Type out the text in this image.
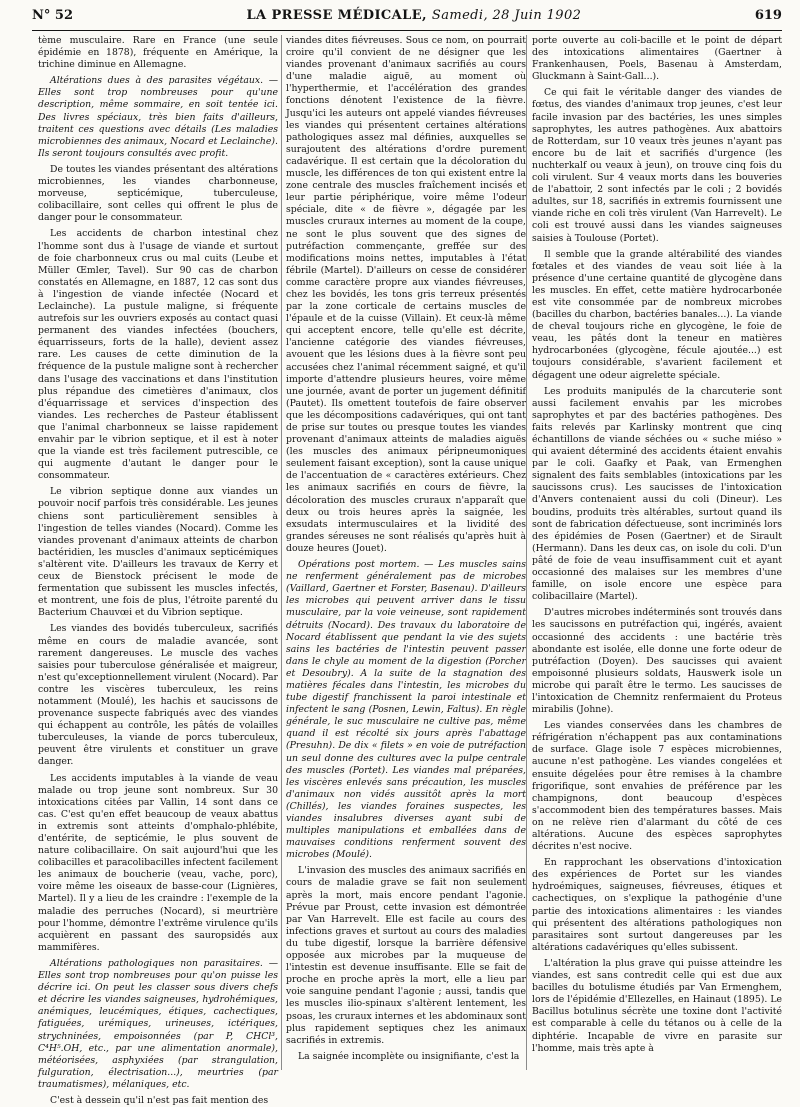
N° 52	LA PRESSE MÉDICALE, Samedi, 28 Juin 1902	619

tème musculaire. Rare en France (une seule épidémie en 1878), fréquente en Amérique, la trichine diminue en Allemagne.

Altérations dues à des parasites végétaux. — Elles sont trop nombreuses pour qu'une description, même sommaire, en soit tentée ici. Des livres spéciaux, très bien faits d'ailleurs, traitent ces questions avec détails (Les maladies microbiennes des animaux, Nocard et Leclainche). Ils seront toujours consultés avec profit.

De toutes les viandes présentant des altérations microbiennes, les viandes charbonneuse, morveuse, septicémique, tuberculeuse, colibacillaire, sont celles qui offrent le plus de danger pour le consommateur.

Les accidents de charbon intestinal chez l'homme sont dus à l'usage de viande et surtout de foie charbonneux crus ou mal cuits (Leube et Müller Œmler, Tavel). Sur 90 cas de charbon constatés en Allemagne, en 1887, 12 cas sont dus à l'ingestion de viande infectée (Nocard et Leclainche). La pustule maligne, si fréquente autrefois sur les ouvriers exposés au contact quasi permanent des viandes infectées (bouchers, équarrisseurs, forts de la halle), devient assez rare. Les causes de cette diminution de la fréquence de la pustule maligne sont à rechercher dans l'usage des vaccinations et dans l'institution plus répandue des cimetières d'animaux, clos d'équarrissage et services d'inspection des viandes. Les recherches de Pasteur établissent que l'animal charbonneux se laisse rapidement envahir par le vibrion septique, et il est à noter que la viande est très facilement putrescible, ce qui augmente d'autant le danger pour le consommateur.

Le vibrion septique donne aux viandes un pouvoir nocif parfois très considérable. Les jeunes chiens sont particulièrement sensibles à l'ingestion de telles viandes (Nocard). Comme les viandes provenant d'animaux atteints de charbon bactéridien, les muscles d'animaux septicémiques s'altèrent vite. D'ailleurs les travaux de Kerry et ceux de Bienstock précisent le mode de fermentation que subissent les muscles infectés, et montrent, une fois de plus, l'étroite parenté du Bacterium Chauvœi et du Vibrion septique.

Les viandes des bovidés tuberculeux, sacrifiés même en cours de maladie avancée, sont rarement dangereuses. Le muscle des vaches saisies pour tuberculose généralisée et maigreur, n'est qu'exceptionnellement virulent (Nocard). Par contre les viscères tuberculeux, les reins notamment (Moulé), les hachis et saucissons de provenance suspecte fabriqués avec des viandes qui échappent au contrôle, les pâtés de volailles tuberculeuses, la viande de porcs tuberculeux, peuvent être virulents et constituer un grave danger.

Les accidents imputables à la viande de veau malade ou trop jeune sont nombreux. Sur 30 intoxications citées par Vallin, 14 sont dans ce cas. C'est qu'en effet beaucoup de veaux abattus in extremis sont atteints d'omphalo-phlébite, d'entérite, de septicémie, le plus souvent de nature colibacillaire. On sait aujourd'hui que les colibacilles et paracolibacilles infectent facilement les animaux de boucherie (veau, vache, porc), voire même les oiseaux de basse-cour (Lignières, Martel). Il y a lieu de les craindre : l'exemple de la maladie des perruches (Nocard), si meurtrière pour l'homme, démontre l'extrême virulence qu'ils acquièrent en passant des sauropsidés aux mammifères.

Altérations pathologiques non parasitaires. — Elles sont trop nombreuses pour qu'on puisse les décrire ici. On peut les classer sous divers chefs et décrire les viandes saigneuses, hydrohémiques, anémiques, leucémiques, étiques, cachectiques, fatiguées, urémiques, urineuses, ictériques, strychninées, empoisonnées (par P, CHCl³, C⁴H⁵.OH, etc., par une alimentation anormale), météorisées, asphyxiées (par strangulation, fulguration, électrisation...), meurtries (par traumatismes), mélaniques, etc.

C'est à dessein qu'il n'est pas fait mention des

viandes dites fiévreuses. Sous ce nom, on pourrait croire qu'il convient de ne désigner que les viandes provenant d'animaux sacrifiés au cours d'une maladie aiguë, au moment où l'hyperthermie, et l'accélération des grandes fonctions dénotent l'existence de la fièvre. Jusqu'ici les auteurs ont appelé viandes fiévreuses les viandes qui présentent certaines altérations pathologiques assez mal définies, auxquelles se surajoutent des altérations d'ordre purement cadavérique. Il est certain que la décoloration du muscle, les différences de ton qui existent entre la zone centrale des muscles fraîchement incisés et leur partie périphérique, voire même l'odeur spéciale, dite « de fièvre », dégagée par les muscles cruraux internes au moment de la coupe, ne sont le plus souvent que des signes de putréfaction commençante, greffée sur des modifications moins nettes, imputables à l'état fébrile (Martel). D'ailleurs on cesse de considérer comme caractère propre aux viandes fiévreuses, chez les bovidés, les tons gris terreux présentés par la zone corticale de certains muscles de l'épaule et de la cuisse (Villain). Et ceux-là même qui acceptent encore, telle qu'elle est décrite, l'ancienne catégorie des viandes fiévreuses, avouent que les lésions dues à la fièvre sont peu accusées chez l'animal récemment saigné, et qu'il importe d'attendre plusieurs heures, voire même une journée, avant de porter un jugement définitif (Pautet). Ils omettent toutefois de faire observer que les décompositions cadavériques, qui ont tant de prise sur toutes ou presque toutes les viandes provenant d'animaux atteints de maladies aiguës (les muscles des animaux péripneumoniques seulement faisant exception), sont la cause unique de l'accentuation de « caractères extérieurs. Chez les animaux sacrifiés en cours de fièvre, la décoloration des muscles cruraux n'apparaît que deux ou trois heures après la saignée, les exsudats intermusculaires et la lividité des grandes séreuses ne sont réalisés qu'après huit à douze heures (Jouet).

Opérations post mortem. — Les muscles sains ne renferment généralement pas de microbes (Vaillard, Gaertner et Forster, Basenau). D'ailleurs les microbes qui peuvent arriver dans le tissu musculaire, par la voie veineuse, sont rapidement détruits (Nocard). Des travaux du laboratoire de Nocard établissent que pendant la vie des sujets sains les bactéries de l'intestin peuvent passer dans le chyle au moment de la digestion (Porcher et Desoubry). A la suite de la stagnation des matières fécales dans l'intestin, les microbes du tube digestif franchissent la paroi intestinale et infectent le sang (Posnen, Lewin, Faltus). En règle générale, le suc musculaire ne cultive pas, même quand il est récolté six jours après l'abattage (Presuhn). De dix « filets » en voie de putréfaction un seul donne des cultures avec la pulpe centrale des muscles (Portet). Les viandes mal préparées, les viscères enlevés sans précaution, les muscles d'animaux non vidés aussitôt après la mort (Chillés), les viandes foraines suspectes, les viandes insalubres diverses ayant subi de multiples manipulations et emballées dans de mauvaises conditions renferment souvent des microbes (Moulé).

L'invasion des muscles des animaux sacrifiés en cours de maladie grave se fait non seulement après la mort, mais encore pendant l'agonie. Prévue par Proust, cette invasion est démontrée par Van Harrevelt. Elle est facile au cours des infections graves et surtout au cours des maladies du tube digestif, lorsque la barrière défensive opposée aux microbes par la muqueuse de l'intestin est devenue insuffisante. Elle se fait de proche en proche après la mort, elle a lieu par voie sanguine pendant l'agonie ; aussi, tandis que les muscles ilio-spinaux s'altèrent lentement, les psoas, les cruraux internes et les abdominaux sont plus rapidement septiques chez les animaux sacrifiés in extremis.

La saignée incomplète ou insignifiante, c'est la

porte ouverte au coli-bacille et le point de départ des intoxications alimentaires (Gaertner à Frankenhausen, Poels, Basenau à Amsterdam, Gluckmann à Saint-Gall...).

Ce qui fait le véritable danger des viandes de fœtus, des viandes d'animaux trop jeunes, c'est leur facile invasion par des bactéries, les unes simples saprophytes, les autres pathogènes. Aux abattoirs de Rotterdam, sur 10 veaux très jeunes n'ayant pas encore bu de lait et sacrifiés d'urgence (les nuchterkalf ou veaux à jeun), on trouve cinq fois du coli virulent. Sur 4 veaux morts dans les bouveries de l'abattoir, 2 sont infectés par le coli ; 2 bovidés adultes, sur 18, sacrifiés in extremis fournissent une viande riche en coli très virulent (Van Harrevelt). Le coli est trouvé aussi dans les viandes saigneuses saisies à Toulouse (Portet).

Il semble que la grande altérabilité des viandes fœtales et des viandes de veau soit liée à la présence d'une certaine quantité de glycogène dans les muscles. En effet, cette matière hydrocarbonée est vite consommée par de nombreux microbes (bacilles du charbon, bactéries banales...). La viande de cheval toujours riche en glycogène, le foie de veau, les pâtés dont la teneur en matières hydrocarbonées (glycogène, fécule ajoutée...) est toujours considérable, s'avarient facilement et dégagent une odeur aigrelette spéciale.

Les produits manipulés de la charcuterie sont aussi facilement envahis par les microbes saprophytes et par des bactéries pathogènes. Des faits relevés par Karlinsky montrent que cinq échantillons de viande séchées ou « suche miéso » qui avaient déterminé des accidents étaient envahis par le coli. Gaafky et Paak, van Ermenghen signalent des faits semblables (intoxications par les saucissons crus). Les saucisses de l'intoxication d'Anvers contenaient aussi du coli (Dineur). Les boudins, produits très altérables, surtout quand ils sont de fabrication défectueuse, sont incriminés lors des épidémies de Posen (Gaertner) et de Sirault (Hermann). Dans les deux cas, on isole du coli. D'un pâté de foie de veau insuffisamment cuit et ayant occasionné des malaises sur les membres d'une famille, on isole encore une espèce para colibacillaire (Martel).

D'autres microbes indéterminés sont trouvés dans les saucissons en putréfaction qui, ingérés, avaient occasionné des accidents : une bactérie très abondante est isolée, elle donne une forte odeur de putréfaction (Doyen). Des saucisses qui avaient empoisonné plusieurs soldats, Hauswerk isole un microbe qui paraît être le termo. Les saucisses de l'intoxication de Chemnitz renfermaient du Proteus mirabilis (Johne).

Les viandes conservées dans les chambres de réfrigération n'échappent pas aux contaminations de surface. Glage isole 7 espèces microbiennes, aucune n'est pathogène. Les viandes congelées et ensuite dégelées pour être remises à la chambre frigorifique, sont envahies de préférence par les champignons, dont beaucoup d'espèces s'accommodent bien des températures basses. Mais on ne relève rien d'alarmant du côté de ces altérations. Aucune des espèces saprophytes décrites n'est nocive.

En rapprochant les observations d'intoxication des expériences de Portet sur les viandes hydroémiques, saigneuses, fiévreuses, étiques et cachectiques, on s'explique la pathogénie d'une partie des intoxications alimentaires : les viandes qui présentent des altérations pathologiques non parasitaires sont surtout dangereuses par les altérations cadavériques qu'elles subissent.

L'altération la plus grave qui puisse atteindre les viandes, est sans contredit celle qui est due aux bacilles du botulisme étudiés par Van Ermenghem, lors de l'épidémie d'Ellezelles, en Hainaut (1895). Le Bacillus botulinus sécrète une toxine dont l'activité est comparable à celle du tétanos ou à celle de la diphtérie. Incapable de vivre en parasite sur l'homme, mais très apte à
